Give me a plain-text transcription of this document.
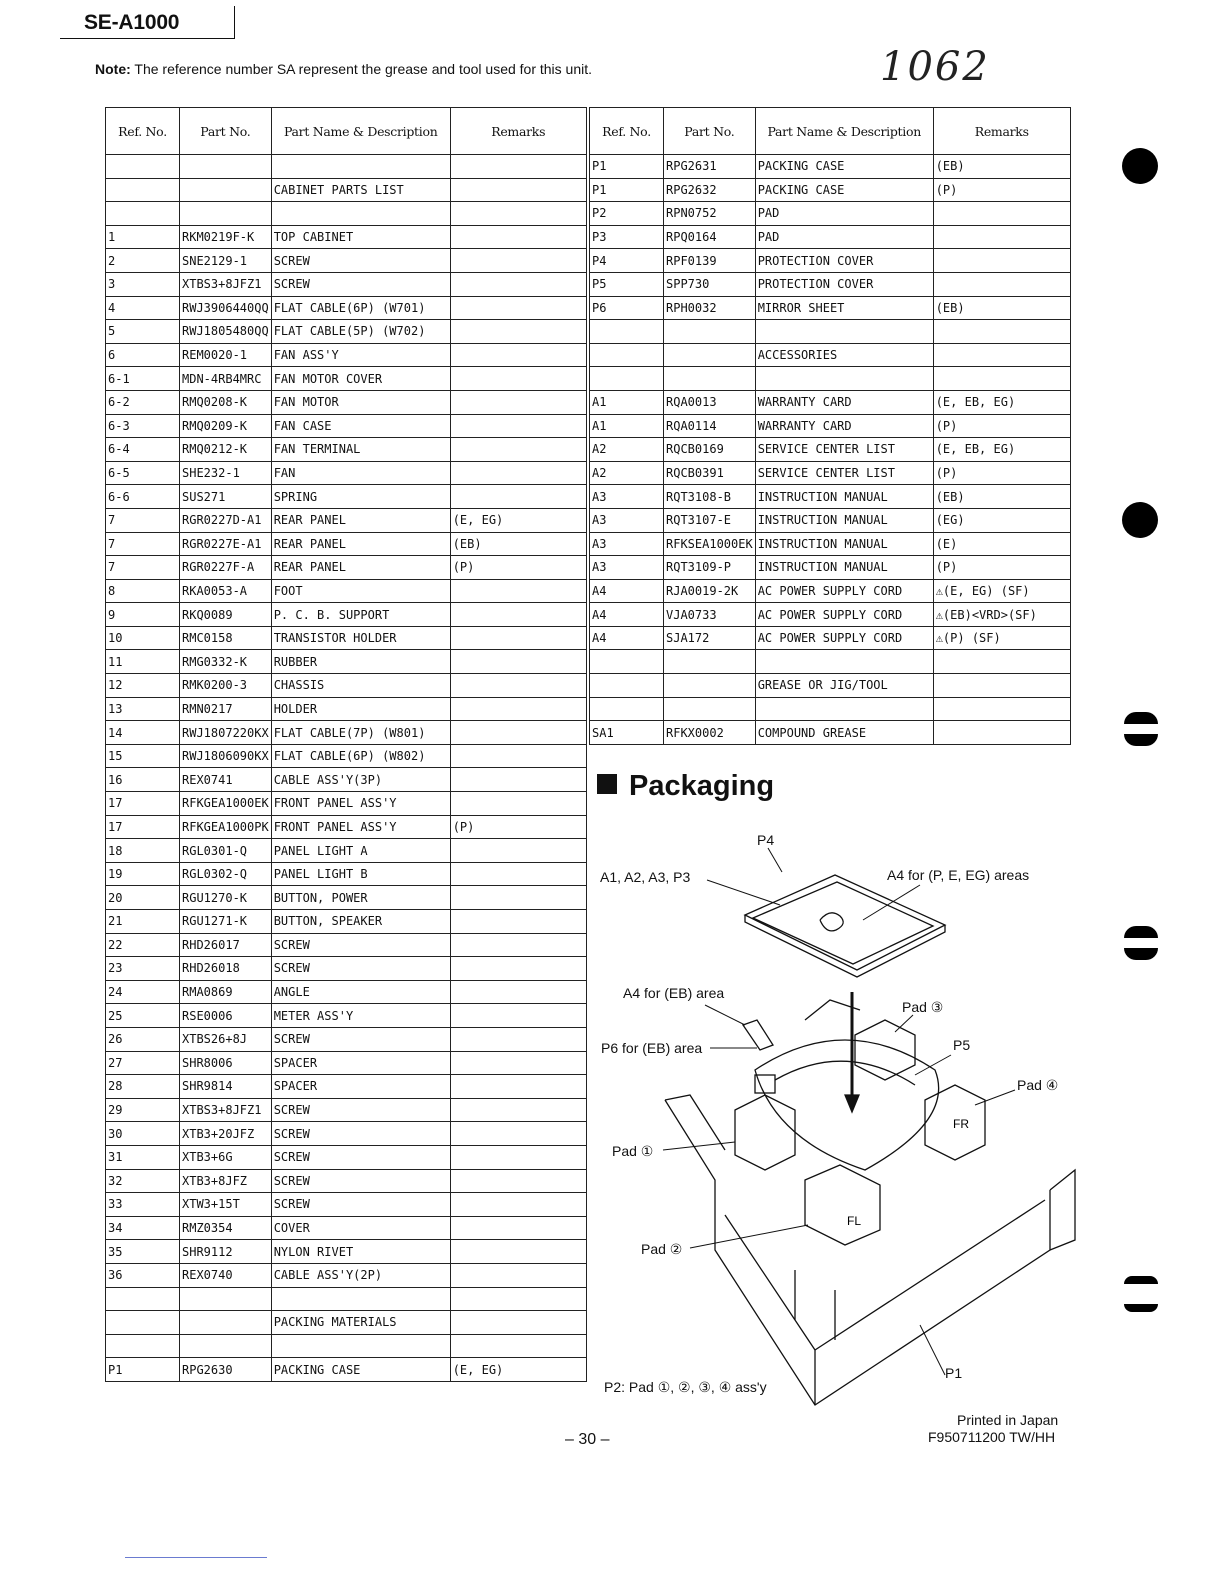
SE-A1000
Note: The reference number SA represent the grease and tool used for this unit.	1062
Ref. No.	Part No.	Part Name & Description	Remarks

		CABINET PARTS LIST	

1	RKM0219F-K	TOP CABINET	
2	SNE2129-1	SCREW	
3	XTBS3+8JFZ1	SCREW	
4	RWJ3906440QQ	FLAT CABLE(6P) (W701)	
5	RWJ1805480QQ	FLAT CABLE(5P) (W702)	
6	REM0020-1	FAN ASS'Y	
6-1	MDN-4RB4MRC	FAN MOTOR COVER	
6-2	RMQ0208-K	FAN MOTOR	
6-3	RMQ0209-K	FAN CASE	
6-4	RMQ0212-K	FAN TERMINAL	
6-5	SHE232-1	FAN	
6-6	SUS271	SPRING	
7	RGR0227D-A1	REAR PANEL	(E, EG)
7	RGR0227E-A1	REAR PANEL	(EB)
7	RGR0227F-A	REAR PANEL	(P)
8	RKA0053-A	FOOT	
9	RKQ0089	P. C. B. SUPPORT	
10	RMC0158	TRANSISTOR HOLDER	
11	RMG0332-K	RUBBER	
12	RMK0200-3	CHASSIS	
13	RMN0217	HOLDER	
14	RWJ1807220KX	FLAT CABLE(7P) (W801)	
15	RWJ1806090KX	FLAT CABLE(6P) (W802)	
16	REX0741	CABLE ASS'Y(3P)	
17	RFKGEA1000EK	FRONT PANEL ASS'Y	
17	RFKGEA1000PK	FRONT PANEL ASS'Y	(P)
18	RGL0301-Q	PANEL LIGHT A	
19	RGL0302-Q	PANEL LIGHT B	
20	RGU1270-K	BUTTON, POWER	
21	RGU1271-K	BUTTON, SPEAKER	
22	RHD26017	SCREW	
23	RHD26018	SCREW	
24	RMA0869	ANGLE	
25	RSE0006	METER ASS'Y	
26	XTBS26+8J	SCREW	
27	SHR8006	SPACER	
28	SHR9814	SPACER	
29	XTBS3+8JFZ1	SCREW	
30	XTB3+20JFZ	SCREW	
31	XTB3+6G	SCREW	
32	XTB3+8JFZ	SCREW	
33	XTW3+15T	SCREW	
34	RMZ0354	COVER	
35	SHR9112	NYLON RIVET	
36	REX0740	CABLE ASS'Y(2P)	

		PACKING MATERIALS	

P1	RPG2630	PACKING CASE	(E, EG)
Ref. No.	Part No.	Part Name & Description	Remarks
P1	RPG2631	PACKING CASE	(EB)
P1	RPG2632	PACKING CASE	(P)
P2	RPN0752	PAD	
P3	RPQ0164	PAD	
P4	RPF0139	PROTECTION COVER	
P5	SPP730	PROTECTION COVER	
P6	RPH0032	MIRROR SHEET	(EB)

		ACCESSORIES	

A1	RQA0013	WARRANTY CARD	(E, EB, EG)
A1	RQA0114	WARRANTY CARD	(P)
A2	RQCB0169	SERVICE CENTER LIST	(E, EB, EG)
A2	RQCB0391	SERVICE CENTER LIST	(P)
A3	RQT3108-B	INSTRUCTION MANUAL	(EB)
A3	RQT3107-E	INSTRUCTION MANUAL	(EG)
A3	RFKSEA1000EK	INSTRUCTION MANUAL	(E)
A3	RQT3109-P	INSTRUCTION MANUAL	(P)
A4	RJA0019-2K	AC POWER SUPPLY CORD	⚠(E, EG) (SF)
A4	VJA0733	AC POWER SUPPLY CORD	⚠(EB)<VRD>(SF)
A4	SJA172	AC POWER SUPPLY CORD	⚠(P) (SF)

		GREASE OR JIG/TOOL	

SA1	RFKX0002	COMPOUND GREASE	
Packaging
FL
FR
P4
A1, A2, A3, P3	A4 for (P, E, EG) areas
A4 for (EB) area
Pad ③
P6 for (EB) area	P5
Pad ④
Pad ①
Pad ②
P1
P2: Pad ①, ②, ③, ④ ass'y
– 30 –
Printed in Japan
F950711200 TW/HH
